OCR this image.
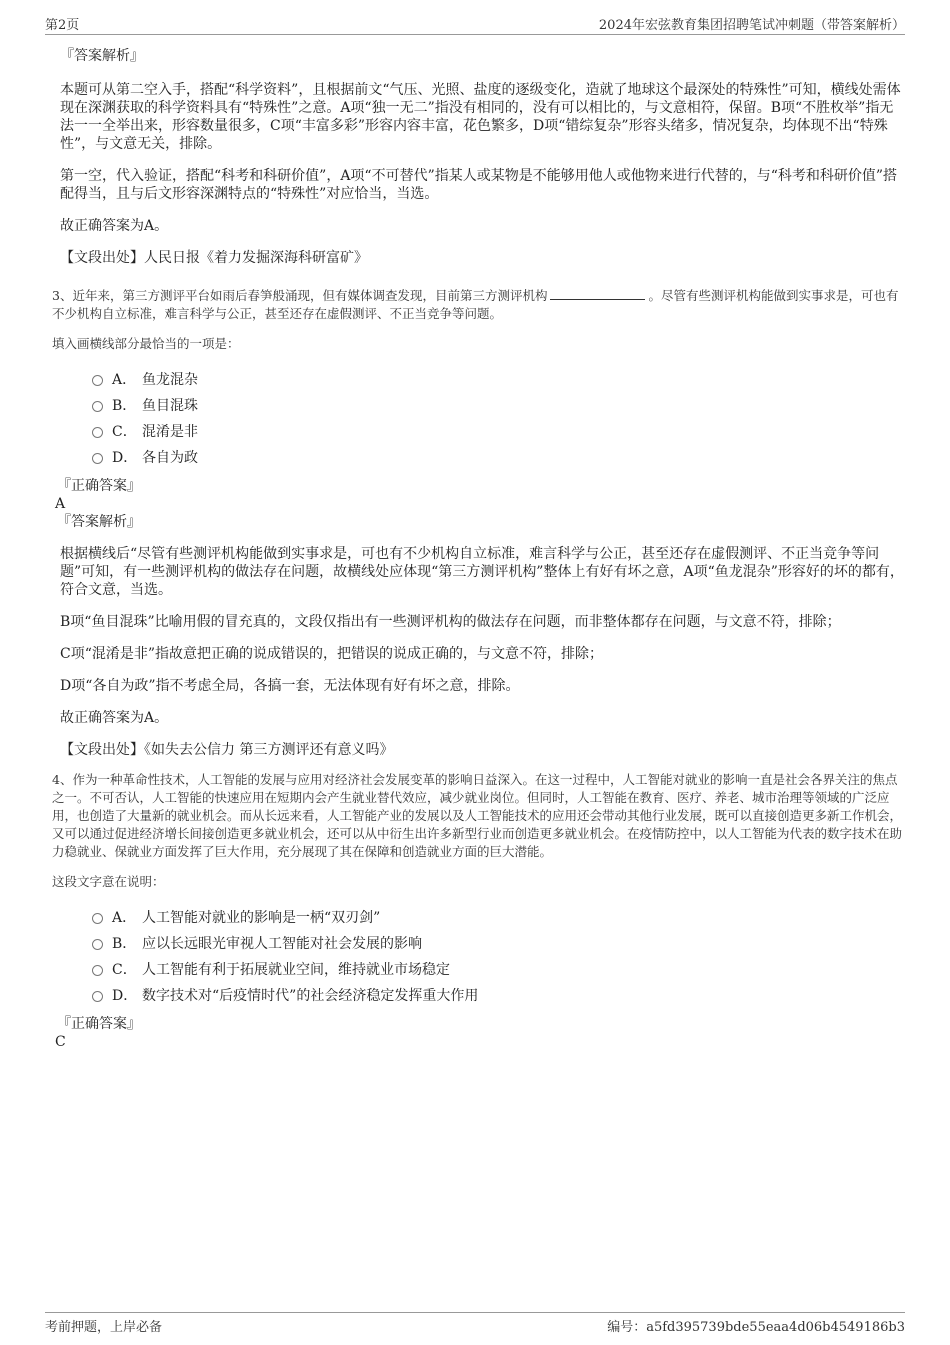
第2页	2024年宏弦教育集团招聘笔试冲刺题（带答案解析）

『答案解析』

本题可从第二空入手，搭配“科学资料”，且根据前文“气压、光照、盐度的逐级变化，造就了地球这个最深处的特殊性”可知，横线处需体现在深渊获取的科学资料具有“特殊性”之意。A项“独一无二”指没有相同的，没有可以相比的，与文意相符，保留。B项“不胜枚举”指无法一一全举出来，形容数量很多，C项“丰富多彩”形容内容丰富，花色繁多，D项“错综复杂”形容头绪多，情况复杂，均体现不出“特殊性”，与文意无关，排除。

第一空，代入验证，搭配“科考和科研价值”，A项“不可替代”指某人或某物是不能够用他人或他物来进行代替的，与“科考和科研价值”搭配得当，且与后文形容深渊特点的“特殊性”对应恰当，当选。

故正确答案为A。

【文段出处】人民日报《着力发掘深海科研富矿》

3、近年来，第三方测评平台如雨后春笋般涌现，但有媒体调查发现，目前第三方测评机构	。尽管有些测评机构能做到实事求是，可也有不少机构自立标准，难言科学与公正，甚至还存在虚假测评、不正当竞争等问题。

填入画横线部分最恰当的一项是：

A． 鱼龙混杂
B． 鱼目混珠
C． 混淆是非
D． 各自为政

『正确答案』

A

『答案解析』

根据横线后“尽管有些测评机构能做到实事求是，可也有不少机构自立标准，难言科学与公正，甚至还存在虚假测评、不正当竞争等问题”可知，有一些测评机构的做法存在问题，故横线处应体现“第三方测评机构”整体上有好有坏之意，A项“鱼龙混杂”形容好的坏的都有，符合文意，当选。

B项“鱼目混珠”比喻用假的冒充真的，文段仅指出有一些测评机构的做法存在问题，而非整体都存在问题，与文意不符，排除；

C项“混淆是非”指故意把正确的说成错误的，把错误的说成正确的，与文意不符，排除；

D项“各自为政”指不考虑全局，各搞一套，无法体现有好有坏之意，排除。

故正确答案为A。

【文段出处】《如失去公信力 第三方测评还有意义吗》

4、作为一种革命性技术，人工智能的发展与应用对经济社会发展变革的影响日益深入。在这一过程中，人工智能对就业的影响一直是社会各界关注的焦点之一。不可否认，人工智能的快速应用在短期内会产生就业替代效应，减少就业岗位。但同时，人工智能在教育、医疗、养老、城市治理等领域的广泛应用，也创造了大量新的就业机会。而从长远来看，人工智能产业的发展以及人工智能技术的应用还会带动其他行业发展，既可以直接创造更多新工作机会，又可以通过促进经济增长间接创造更多就业机会，还可以从中衍生出许多新型行业而创造更多就业机会。在疫情防控中，以人工智能为代表的数字技术在助力稳就业、保就业方面发挥了巨大作用，充分展现了其在保障和创造就业方面的巨大潜能。

这段文字意在说明：

A． 人工智能对就业的影响是一柄“双刃剑”
B． 应以长远眼光审视人工智能对社会发展的影响
C． 人工智能有利于拓展就业空间，维持就业市场稳定
D． 数字技术对“后疫情时代”的社会经济稳定发挥重大作用

『正确答案』

C

考前押题，上岸必备	编号：a5fd395739bde55eaa4d06b4549186b3
